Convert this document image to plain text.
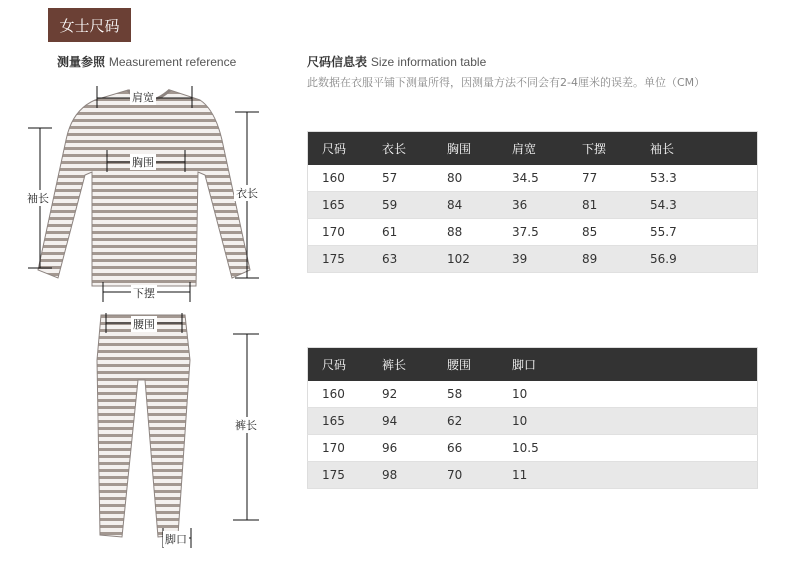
女士尺码
测量参照 Measurement reference	尺码信息表 Size information table
此数据在衣服平铺下测量所得，因测量方法不同会有2-4厘米的误差。单位（CM）
肩宽
胸围
袖长	衣长
下摆
腰围
裤长
脚口
尺码	衣长	胸围	肩宽	下摆	袖长
160	57	80	34.5	77	53.3
165	59	84	36	81	54.3
170	61	88	37.5	85	55.7
175	63	102	39	89	56.9
尺码	裤长	腰围	脚口
160	92	58	10
165	94	62	10
170	96	66	10.5
175	98	70	11
